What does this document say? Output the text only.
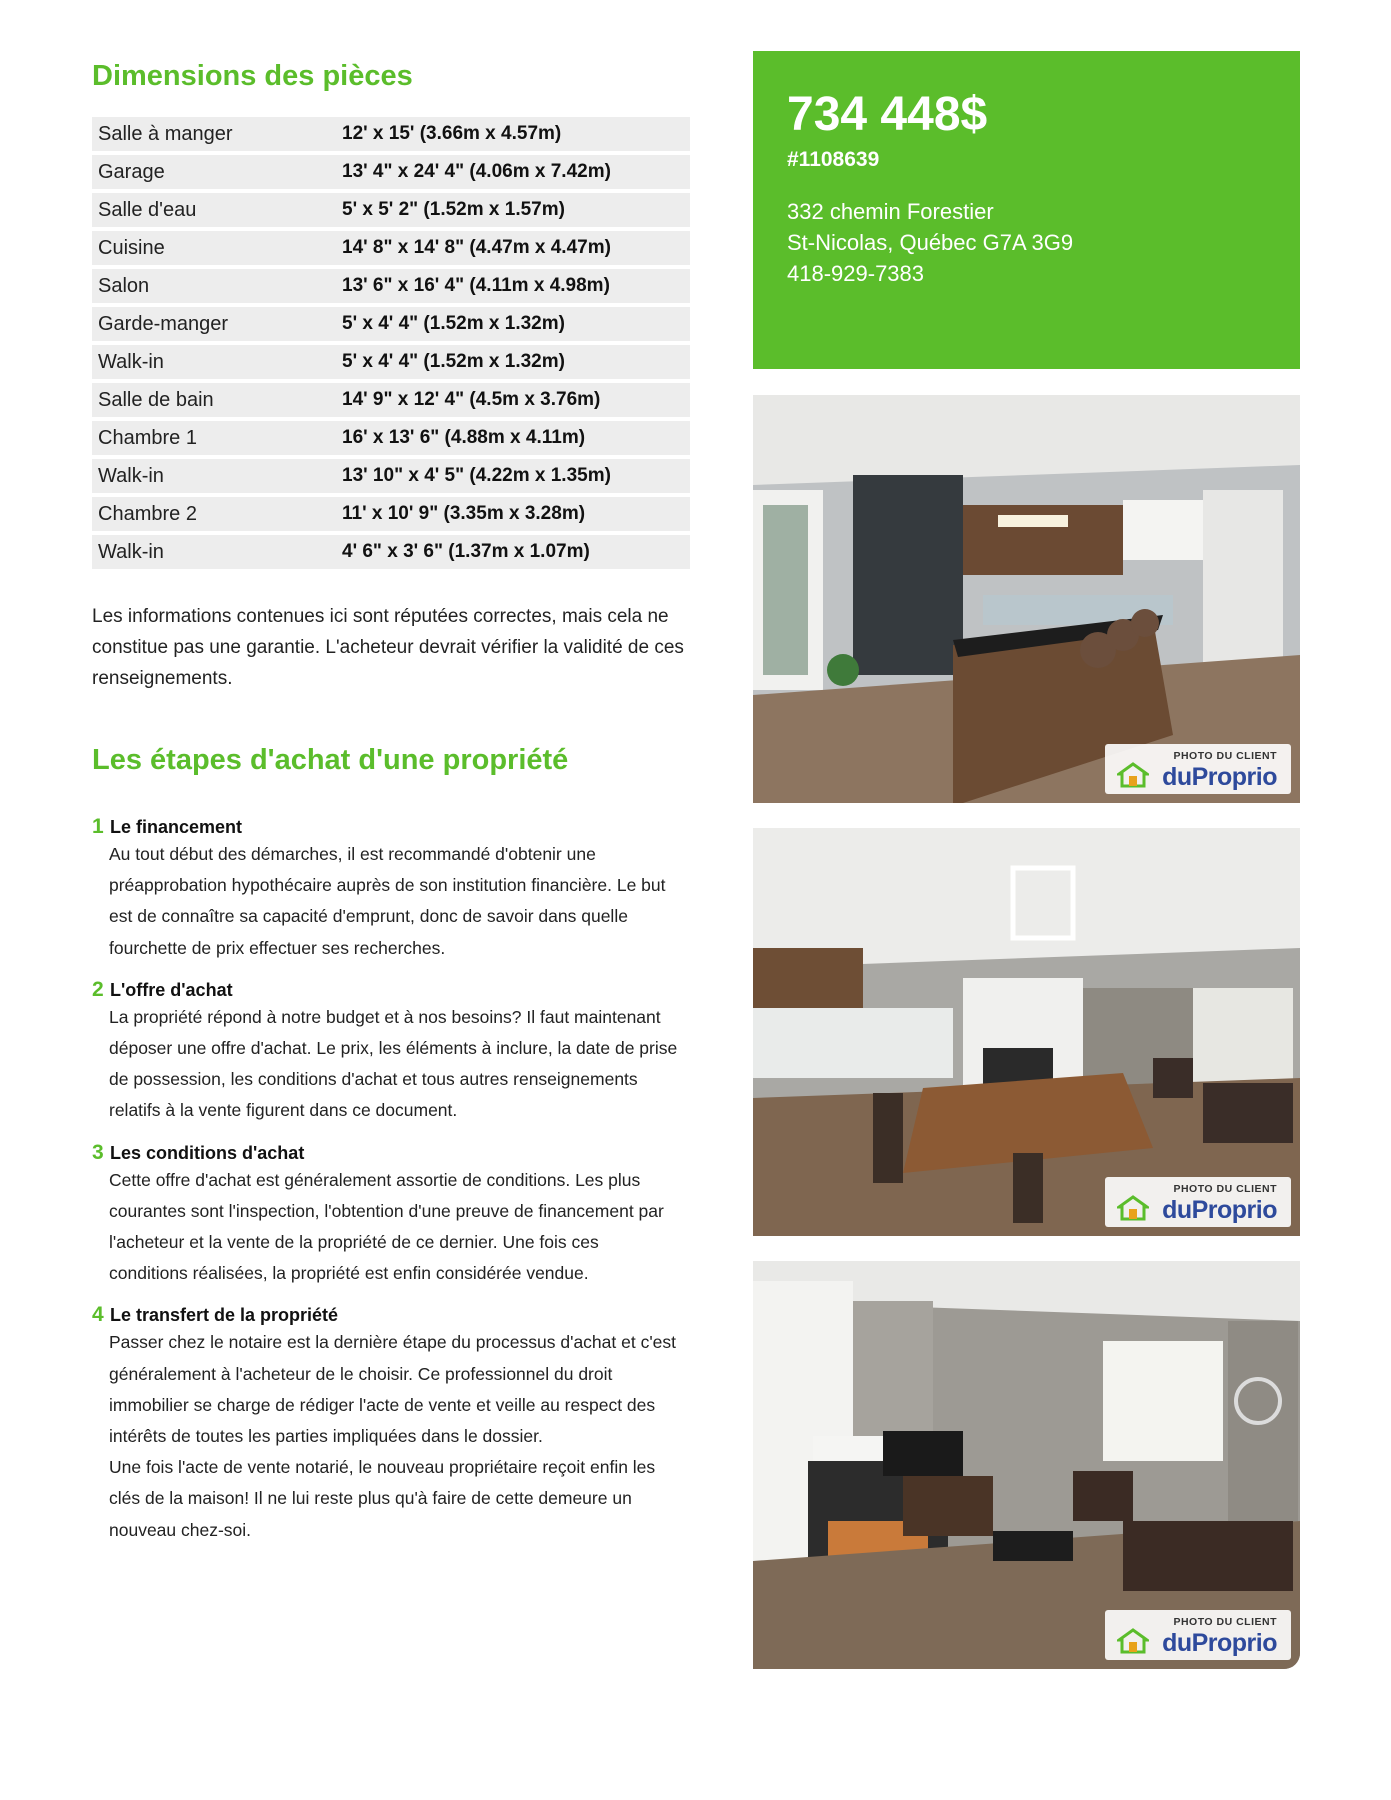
Dimensions des pièces
Salle à manger	12' x 15' (3.66m x 4.57m)
Garage	13' 4" x 24' 4" (4.06m x 7.42m)
Salle d'eau	5' x 5' 2" (1.52m x 1.57m)
Cuisine	14' 8" x 14' 8" (4.47m x 4.47m)
Salon	13' 6" x 16' 4" (4.11m x 4.98m)
Garde-manger	5' x 4' 4" (1.52m x 1.32m)
Walk-in	5' x 4' 4" (1.52m x 1.32m)
Salle de bain	14' 9" x 12' 4" (4.5m x 3.76m)
Chambre 1	16' x 13' 6" (4.88m x 4.11m)
Walk-in	13' 10" x 4' 5" (4.22m x 1.35m)
Chambre 2	11' x 10' 9" (3.35m x 3.28m)
Walk-in	4' 6" x 3' 6" (1.37m x 1.07m)

Les informations contenues ici sont réputées correctes, mais cela ne constitue pas une garantie. L'acheteur devrait vérifier la validité de ces renseignements.

Les étapes d'achat d'une propriété
1 Le financement

Au tout début des démarches, il est recommandé d'obtenir une préapprobation hypothécaire auprès de son institution financière. Le but est de connaître sa capacité d'emprunt, donc de savoir dans quelle fourchette de prix effectuer ses recherches.

2 L'offre d'achat

La propriété répond à notre budget et à nos besoins? Il faut maintenant déposer une offre d'achat. Le prix, les éléments à inclure, la date de prise de possession, les conditions d'achat et tous autres renseignements relatifs à la vente figurent dans ce document.

3 Les conditions d'achat

Cette offre d'achat est généralement assortie de conditions. Les plus courantes sont l'inspection, l'obtention d'une preuve de financement par l'acheteur et la vente de la propriété de ce dernier. Une fois ces conditions réalisées, la propriété est enfin considérée vendue.

4 Le transfert de la propriété

Passer chez le notaire est la dernière étape du processus d'achat et c'est généralement à l'acheteur de le choisir. Ce professionnel du droit immobilier se charge de rédiger l'acte de vente et veille au respect des intérêts de toutes les parties impliquées dans le dossier.

Une fois l'acte de vente notarié, le nouveau propriétaire reçoit enfin les clés de la maison! Il ne lui reste plus qu'à faire de cette demeure un nouveau chez-soi.

734 448$
#1108639
332 chemin Forestier
St-Nicolas, Québec G7A 3G9
418-929-7383
PHOTO DU CLIENT
duProprio
PHOTO DU CLIENT
duProprio
PHOTO DU CLIENT
duProprio
